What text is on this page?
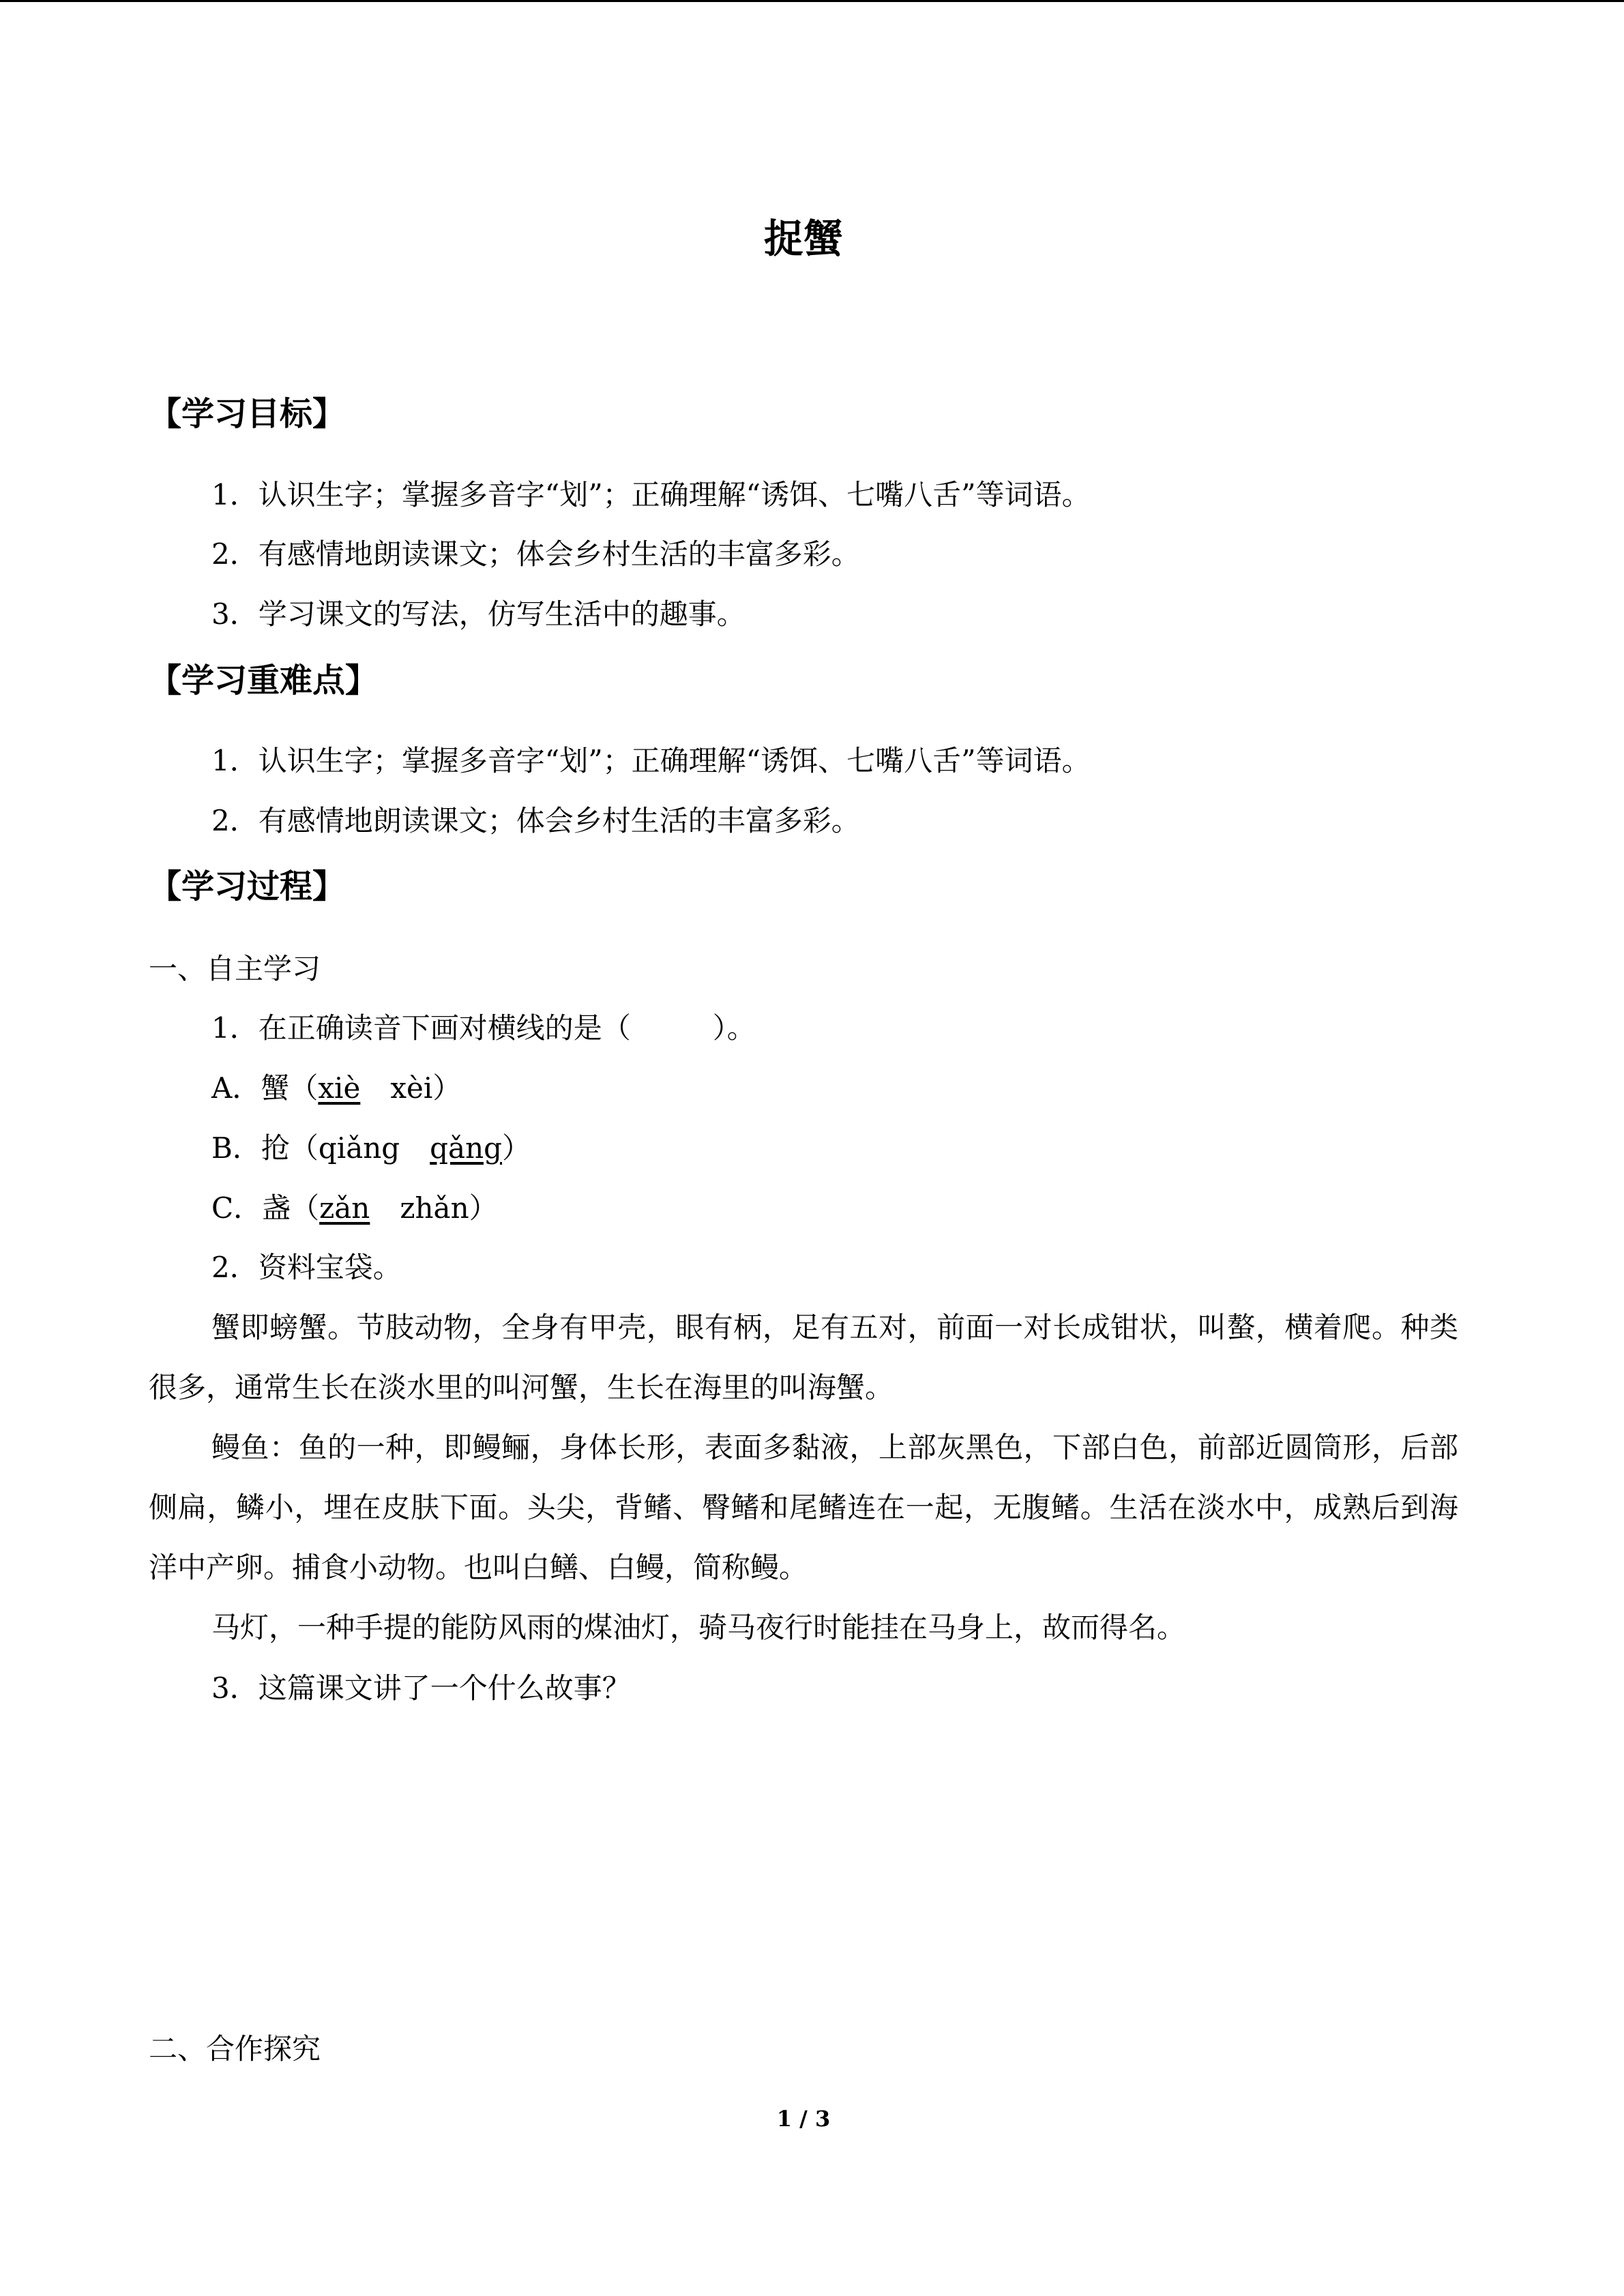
捉蟹
【学习目标】
1．认识生字；掌握多音字“划”；正确理解“诱饵、七嘴八舌”等词语。
2．有感情地朗读课文；体会乡村生活的丰富多彩。
3．学习课文的写法，仿写生活中的趣事。
【学习重难点】
1．认识生字；掌握多音字“划”；正确理解“诱饵、七嘴八舌”等词语。
2．有感情地朗读课文；体会乡村生活的丰富多彩。
【学习过程】
一、自主学习
1．在正确读音下画对横线的是（	）。
A．蟹（xiè xèi）
B．抢（qiǎng qǎng）
C．盏（zǎn zhǎn）
2．资料宝袋。
蟹即螃蟹。节肢动物，全身有甲壳，眼有柄，足有五对，前面一对长成钳状，叫螯，横着爬。种类很多，通常生长在淡水里的叫河蟹，生长在海里的叫海蟹。
鳗鱼：鱼的一种，即鳗鲡，身体长形，表面多黏液，上部灰黑色，下部白色，前部近圆筒形，后部侧扁，鳞小，埋在皮肤下面。头尖，背鳍、臀鳍和尾鳍连在一起，无腹鳍。生活在淡水中，成熟后到海洋中产卵。捕食小动物。也叫白鳝、白鳗，简称鳗。
马灯，一种手提的能防风雨的煤油灯，骑马夜行时能挂在马身上，故而得名。
3．这篇课文讲了一个什么故事？
二、合作探究
1 / 3
